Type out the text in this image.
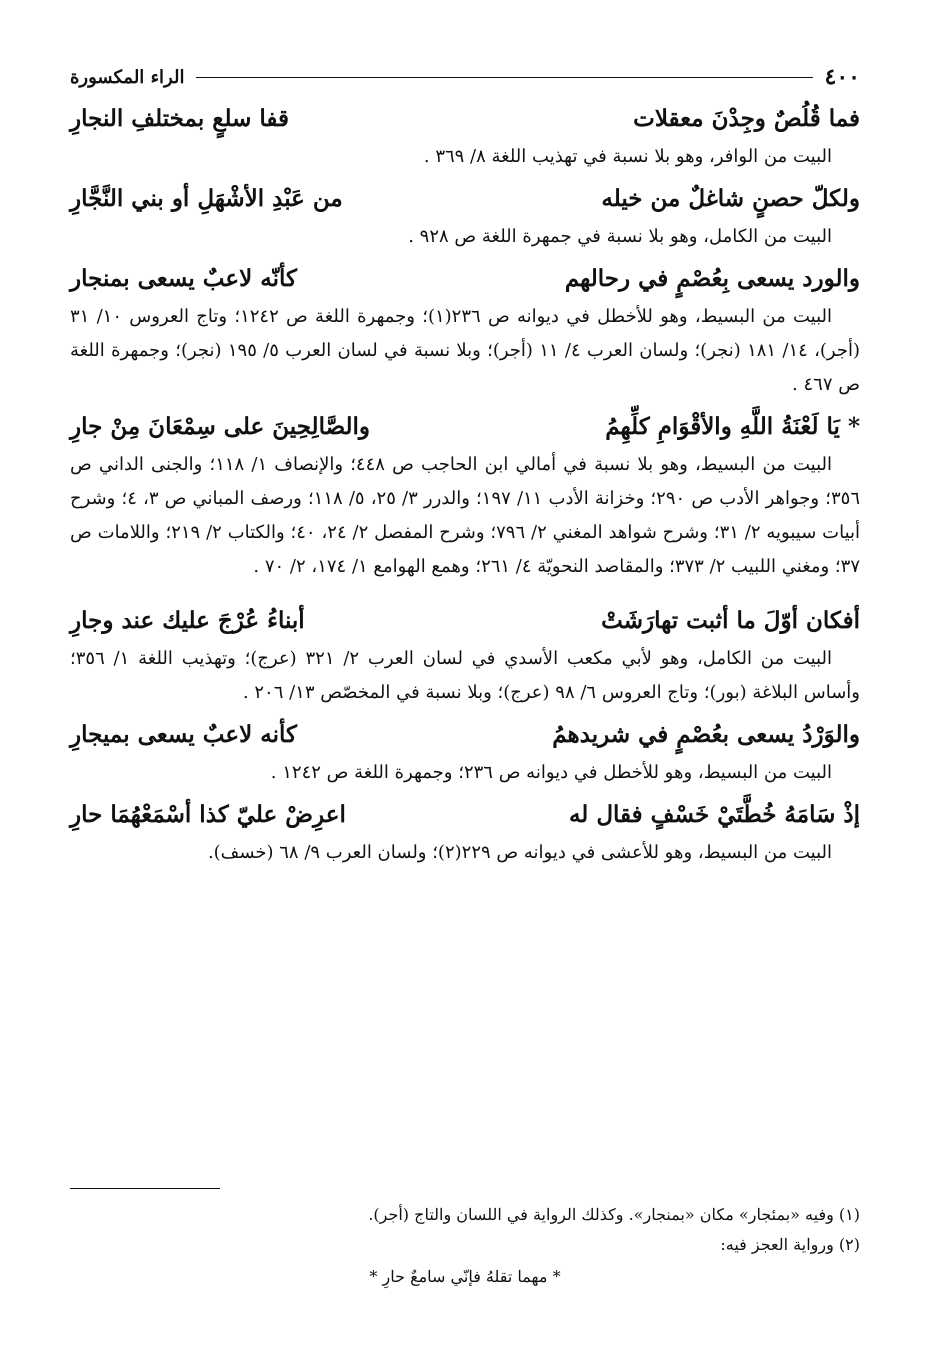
٤٠٠
الراء المكسورة
فما قُلُصٌ وجِدْنَ معقلات
قفا سلعٍ بمختلفِ النجارِ
البيت من الوافر، وهو بلا نسبة في تهذيب اللغة ٨/ ٣٦٩ .
ولكلّ حصنٍ شاغلٌ من خيله
من عَبْدِ الأشْهَلِ أو بني النَّجَّارِ
البيت من الكامل، وهو بلا نسبة في جمهرة اللغة ص ٩٢٨ .
والورد يسعى بِعُصْمٍ في رحالهم
كأنّه لاعبٌ يسعى بمنجار
البيت من البسيط، وهو للأخطل في ديوانه ص ٢٣٦(١)؛ وجمهرة اللغة ص ١٢٤٢؛ وتاج العروس ١٠/ ٣١ (أجر)، ١٤/ ١٨١ (نجر)؛ ولسان العرب ٤/ ١١ (أجر)؛ وبلا نسبة في لسان العرب ٥/ ١٩٥ (نجر)؛ وجمهرة اللغة ص ٤٦٧ .
* يَا لَعْنَةُ اللَّهِ والأقْوَامِ كلِّهِمُ
والصَّالِحِينَ على سِمْعَانَ مِنْ جارِ
البيت من البسيط، وهو بلا نسبة في أمالي ابن الحاجب ص ٤٤٨؛ والإنصاف ١/ ١١٨؛ والجنى الداني ص ٣٥٦؛ وجواهر الأدب ص ٢٩٠؛ وخزانة الأدب ١١/ ١٩٧؛ والدرر ٣/ ٢٥، ٥/ ١١٨؛ ورصف المباني ص ٣، ٤؛ وشرح أبيات سيبويه ٢/ ٣١؛ وشرح شواهد المغني ٢/ ٧٩٦؛ وشرح المفصل ٢/ ٢٤، ٤٠؛ والكتاب ٢/ ٢١٩؛ واللامات ص ٣٧؛ ومغني اللبيب ٢/ ٣٧٣؛ والمقاصد النحويّة ٤/ ٢٦١؛ وهمع الهوامع ١/ ١٧٤، ٢/ ٧٠ .
أفكان أوّلَ ما أثبت تهارَشَتْ
أبناءُ عُرْجَ عليك عند وجارِ
البيت من الكامل، وهو لأبي مكعب الأسدي في لسان العرب ٢/ ٣٢١ (عرج)؛ وتهذيب اللغة ١/ ٣٥٦؛ وأساس البلاغة (بور)؛ وتاج العروس ٦/ ٩٨ (عرج)؛ وبلا نسبة في المخصّص ١٣/ ٢٠٦ .
والوَرْدُ يسعى بعُصْمٍ في شريدهمُ
كأنه لاعبٌ يسعى بميجارِ
البيت من البسيط، وهو للأخطل في ديوانه ص ٢٣٦؛ وجمهرة اللغة ص ١٢٤٢ .
إذْ سَامَهُ خُطَّتَيْ خَسْفٍ فقال له
اعرِضْ عليّ كذا أسْمَعْهُمَا حارِ
البيت من البسيط، وهو للأعشى في ديوانه ص ٢٢٩(٢)؛ ولسان العرب ٩/ ٦٨ (خسف).
(١) وفيه «بمئجار» مكان «بمنجار». وكذلك الرواية في اللسان والتاج (أجر).
(٢) ورواية العجز فيه:
* مهما تقلهُ فإنّي سامعٌ حارِ *
